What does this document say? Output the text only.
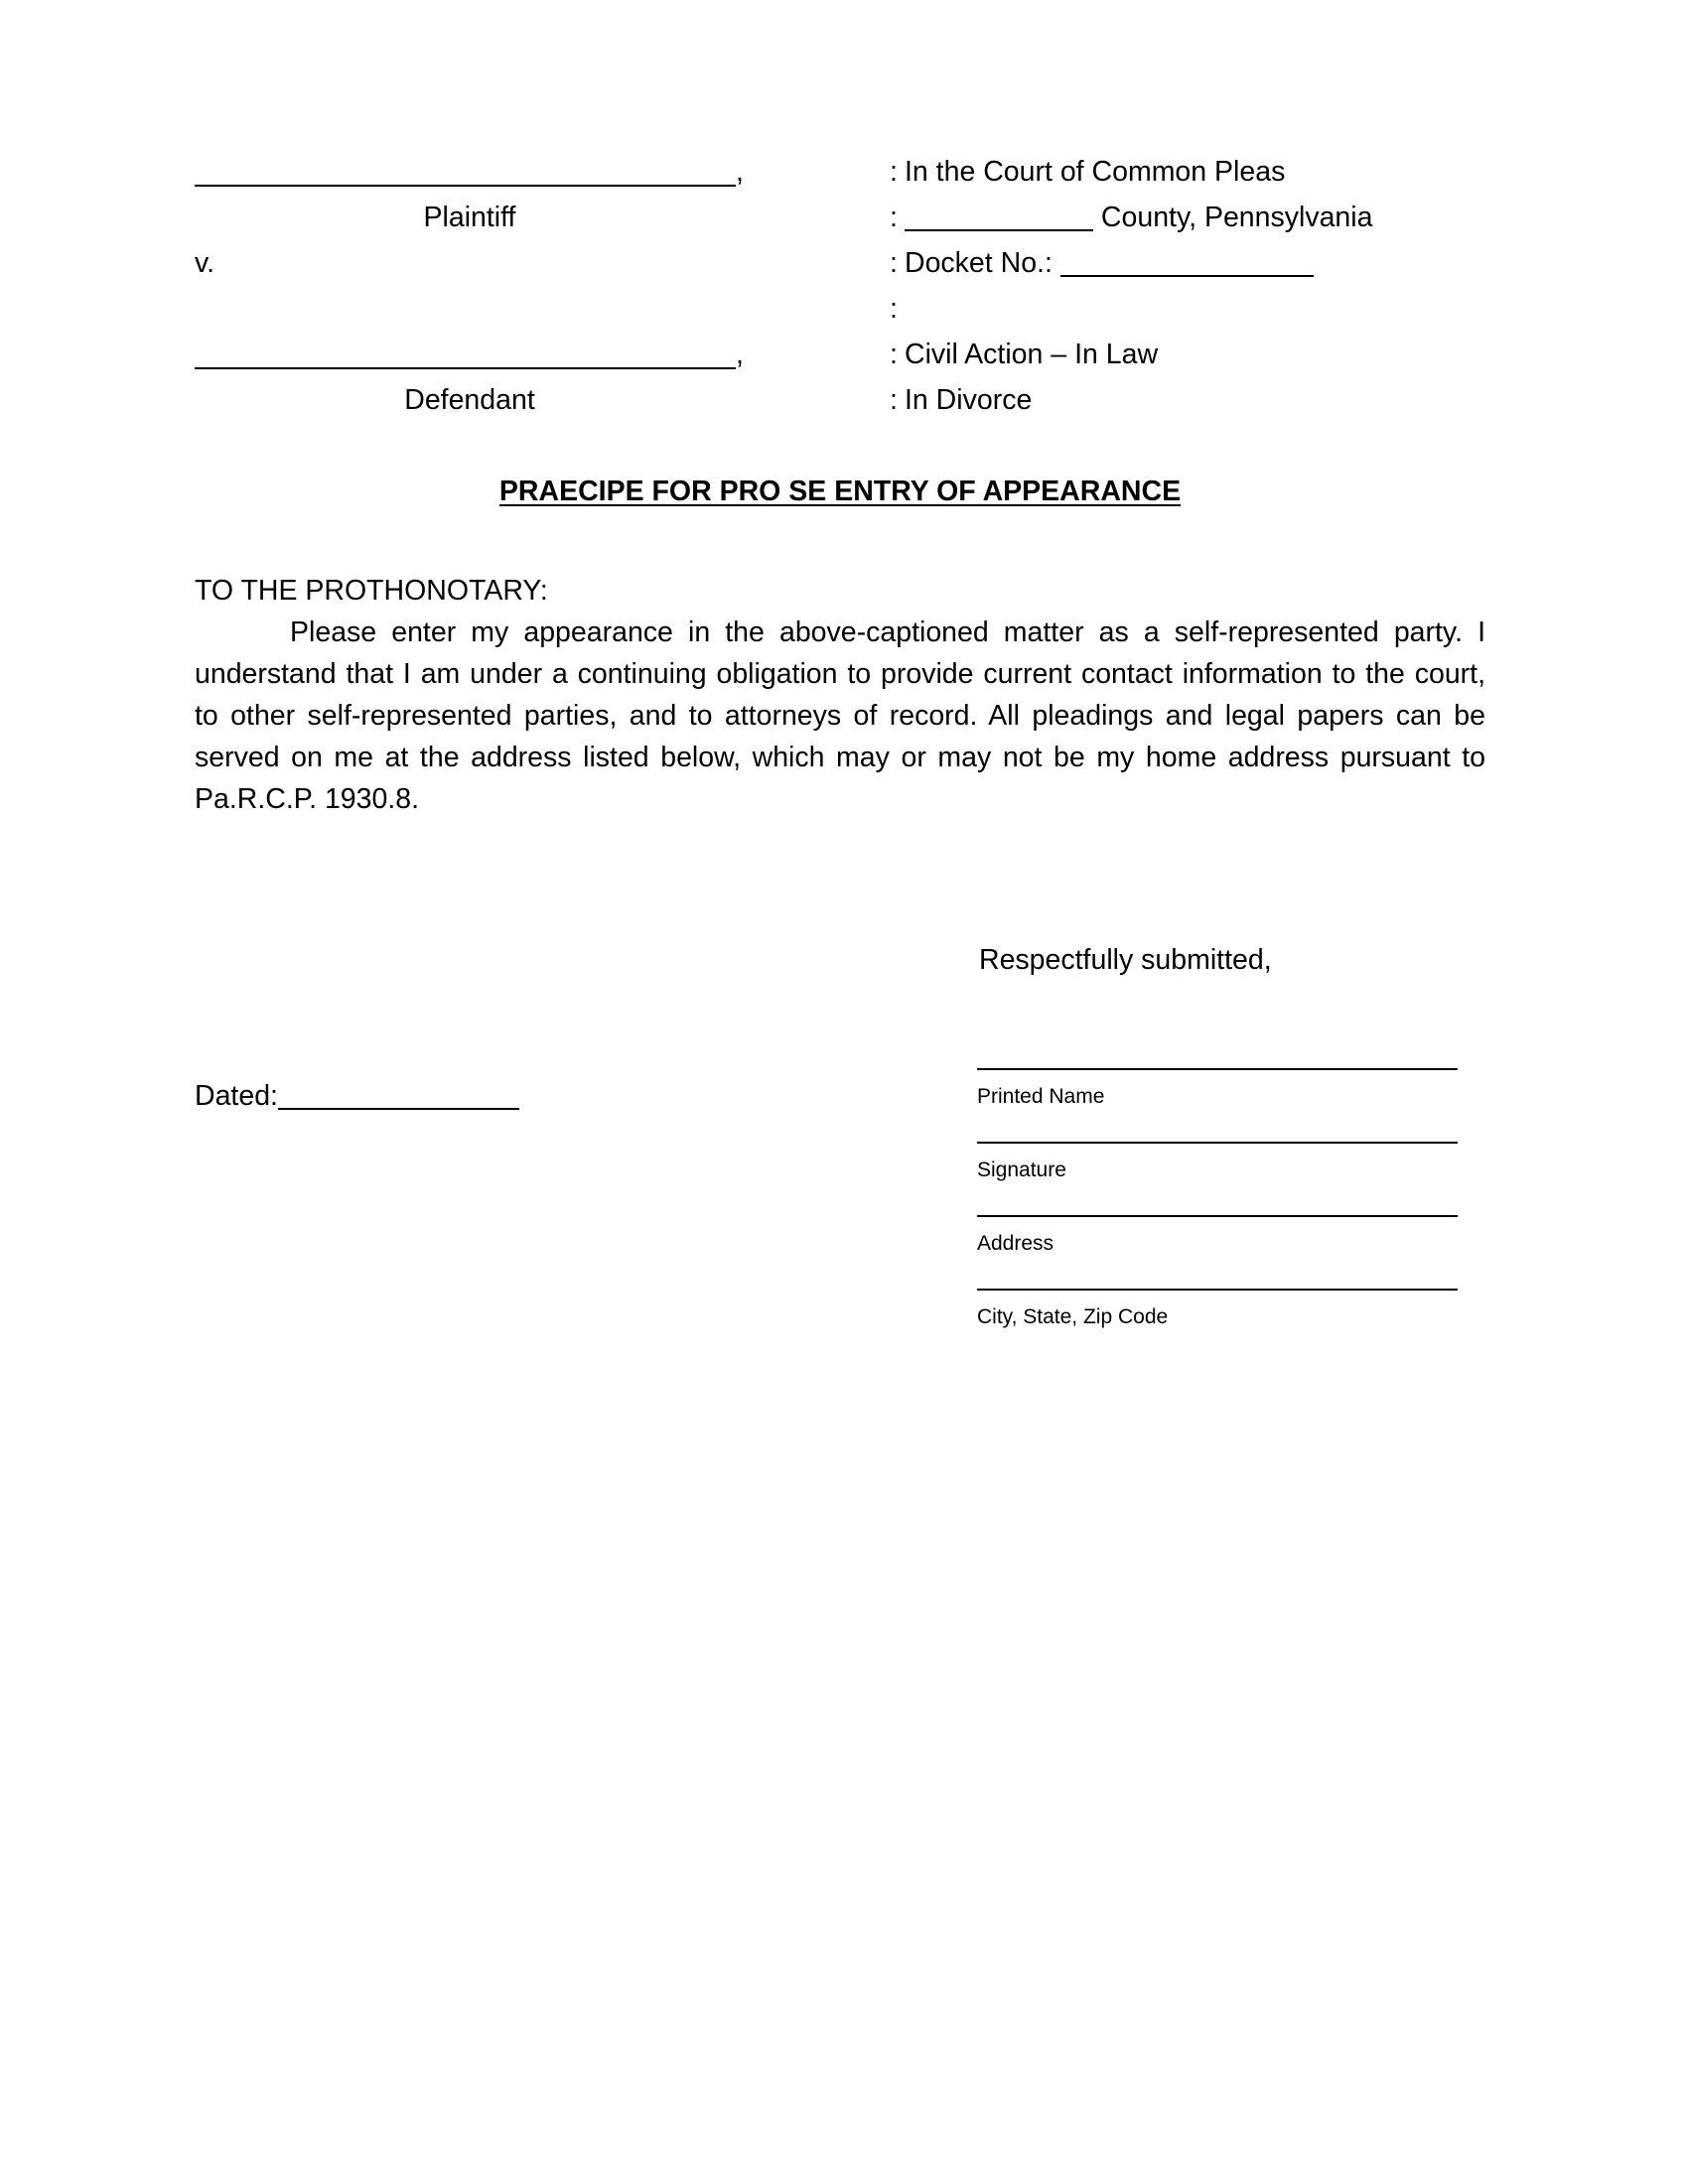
,	: In the Court of Common Pleas

Plaintiff	: County, Pennsylvania

v.	: Docket No.:

	:

,	: Civil Action – In Law

Defendant	: In Divorce
PRAECIPE FOR PRO SE ENTRY OF APPEARANCE

TO THE PROTHONOTARY:

Please enter my appearance in the above-captioned matter as a self-represented party. I understand that I am under a continuing obligation to provide current contact information to the court, to other self-represented parties, and to attorneys of record. All pleadings and legal papers can be served on me at the address listed below, which may or may not be my home address pursuant to Pa.R.C.P. 1930.8.

Respectfully submitted,
Dated:	Printed Name
Signature
Address
City, State, Zip Code
